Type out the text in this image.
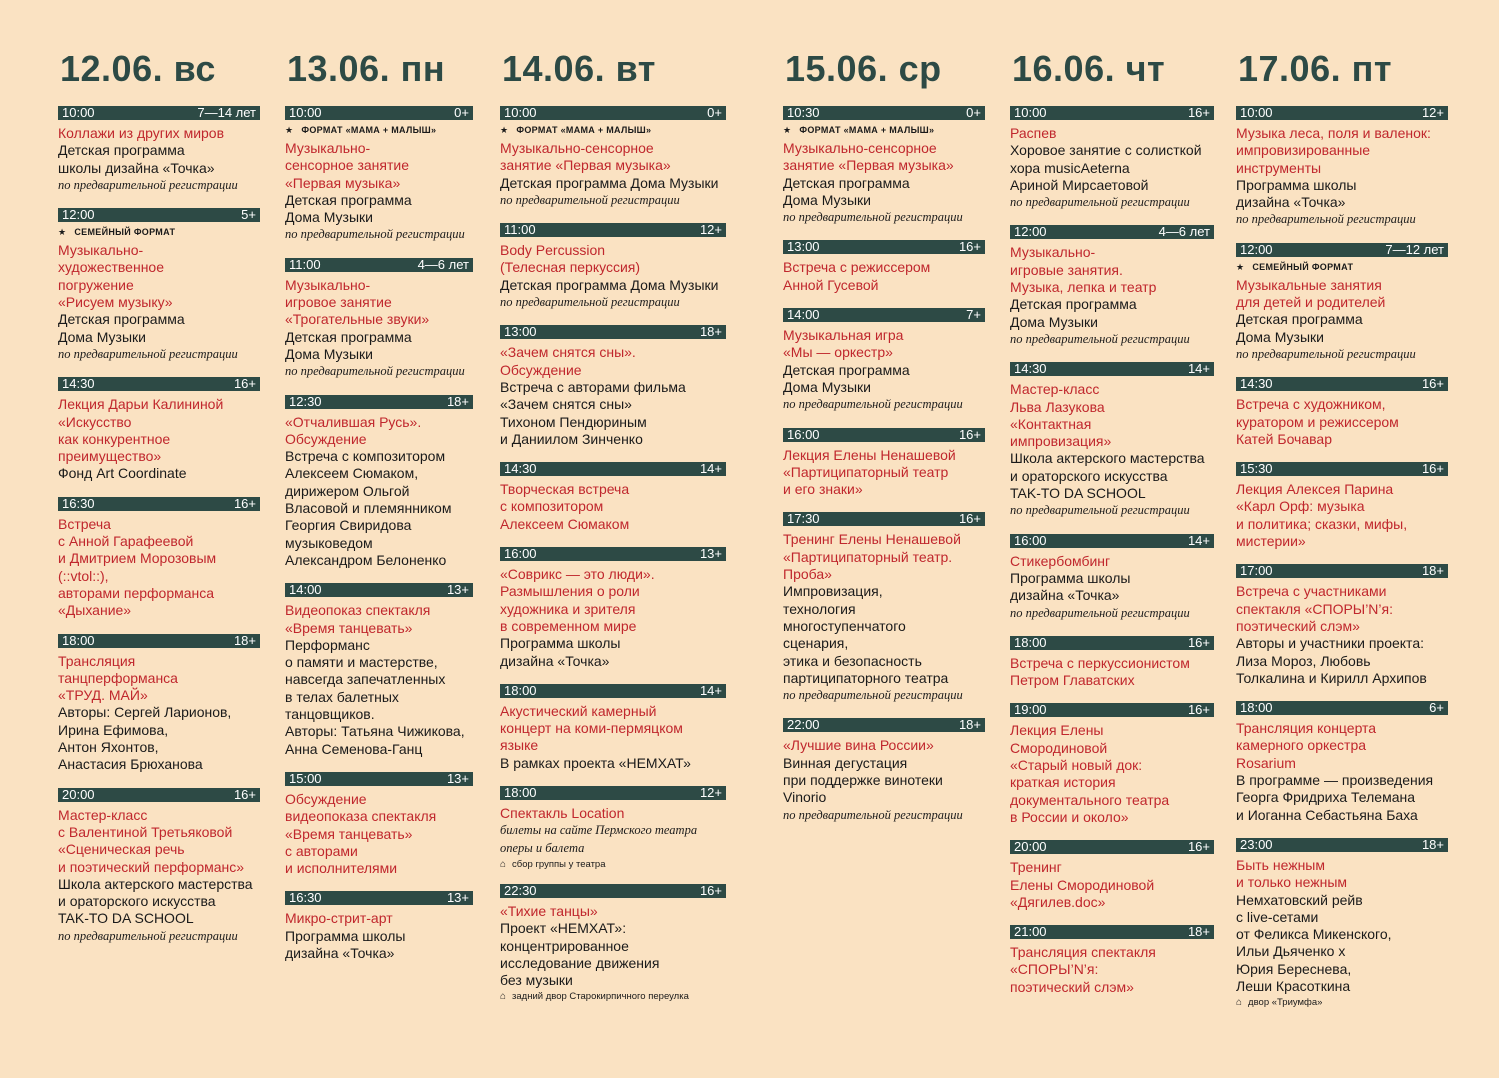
12.06. вс
10:00	7—14 лет
Коллажи из других миров
Детская программа
школы дизайна «Точка»
по предварительной регистрации
12:00	5+
★ СЕМЕЙНЫЙ ФОРМАТ
Музыкально-
художественное
погружение
«Рисуем музыку»
Детская программа
Дома Музыки
по предварительной регистрации
14:30	16+
Лекция Дарьи Калининой
«Искусство
как конкурентное
преимущество»
Фонд Art Coordinate
16:30	16+
Встреча
с Анной Гарафеевой
и Дмитрием Морозовым
(::vtol::),
авторами перформанса
«Дыхание»
18:00	18+
Трансляция
танцперформанса
«ТРУД. МАЙ»
Авторы: Сергей Ларионов,
Ирина Ефимова,
Антон Яхонтов,
Анастасия Брюханова
20:00	16+
Мастер-класс
с Валентиной Третьяковой
«Сценическая речь
и поэтический перформанс»
Школа актерского мастерства
и ораторского искусства
TAK-TO DA SCHOOL
по предварительной регистрации
13.06. пн
10:00	0+
★ ФОРМАТ «МАМА + МАЛЫШ»
Музыкально-
сенсорное занятие
«Первая музыка»
Детская программа
Дома Музыки
по предварительной регистрации
11:00	4—6 лет
Музыкально-
игровое занятие
«Трогательные звуки»
Детская программа
Дома Музыки
по предварительной регистрации
12:30	18+
«Отчалившая Русь».
Обсуждение
Встреча с композитором
Алексеем Сюмаком,
дирижером Ольгой
Власовой и племянником
Георгия Свиридова
музыковедом
Александром Белоненко
14:00	13+
Видеопоказ спектакля
«Время танцевать»
Перформанс
о памяти и мастерстве,
навсегда запечатленных
в телах балетных
танцовщиков.
Авторы: Татьяна Чижикова,
Анна Семенова-Ганц
15:00	13+
Обсуждение
видеопоказа спектакля
«Время танцевать»
с авторами
и исполнителями
16:30	13+
Микро-стрит-арт
Программа школы
дизайна «Точка»
14.06. вт
10:00	0+
★ ФОРМАТ «МАМА + МАЛЫШ»
Музыкально-сенсорное
занятие «Первая музыка»
Детская программа Дома Музыки
по предварительной регистрации
11:00	12+
Body Percussion
(Телесная перкуссия)
Детская программа Дома Музыки
по предварительной регистрации
13:00	18+
«Зачем снятся сны».
Обсуждение
Встреча с авторами фильма
«Зачем снятся сны»
Тихоном Пендюриным
и Даниилом Зинченко
14:30	14+
Творческая встреча
с композитором
Алексеем Сюмаком
16:00	13+
«Соврикс — это люди».
Размышления о роли
художника и зрителя
в современном мире
Программа школы
дизайна «Точка»
18:00	14+
Акустический камерный
концерт на коми-пермяцком
языке
В рамках проекта «НЕМХАТ»
18:00	12+
Спектакль Location
билеты на сайте Пермского театра
оперы и балета
⌂ сбор группы у театра
22:30	16+
«Тихие танцы»
Проект «НЕМХАТ»:
концентрированное
исследование движения
без музыки
⌂ задний двор Старокирпичного переулка
15.06. ср
10:30	0+
★ ФОРМАТ «МАМА + МАЛЫШ»
Музыкально-сенсорное
занятие «Первая музыка»
Детская программа
Дома Музыки
по предварительной регистрации
13:00	16+
Встреча с режиссером
Анной Гусевой
14:00	7+
Музыкальная игра
«Мы — оркестр»
Детская программа
Дома Музыки
по предварительной регистрации
16:00	16+
Лекция Елены Ненашевой
«Партиципаторный театр
и его знаки»
17:30	16+
Тренинг Елены Ненашевой
«Партиципаторный театр.
Проба»
Импровизация,
технология
многоступенчатого
сценария,
этика и безопасность
партиципаторного театра
по предварительной регистрации
22:00	18+
«Лучшие вина России»
Винная дегустация
при поддержке винотеки
Vinorio
по предварительной регистрации
16.06. чт
10:00	16+
Распев
Хоровое занятие с солисткой
хора musicAeterna
Ариной Мирсаетовой
по предварительной регистрации
12:00	4—6 лет
Музыкально-
игровые занятия.
Музыка, лепка и театр
Детская программа
Дома Музыки
по предварительной регистрации
14:30	14+
Мастер-класс
Льва Лазукова
«Контактная
импровизация»
Школа актерского мастерства
и ораторского искусства
TAK-TO DA SCHOOL
по предварительной регистрации
16:00	14+
Стикербомбинг
Программа школы
дизайна «Точка»
по предварительной регистрации
18:00	16+
Встреча с перкуссионистом
Петром Главатских
19:00	16+
Лекция Елены
Смородиновой
«Старый новый док:
краткая история
документального театра
в России и около»
20:00	16+
Тренинг
Елены Смородиновой
«Дягилев.doc»
21:00	18+
Трансляция спектакля
«СПОРЫ’N’я:
поэтический слэм»
17.06. пт
10:00	12+
Музыка леса, поля и валенок:
импровизированные
инструменты
Программа школы
дизайна «Точка»
по предварительной регистрации
12:00	7—12 лет
★ СЕМЕЙНЫЙ ФОРМАТ
Музыкальные занятия
для детей и родителей
Детская программа
Дома Музыки
по предварительной регистрации
14:30	16+
Встреча с художником,
куратором и режиссером
Катей Бочавар
15:30	16+
Лекция Алексея Парина
«Карл Орф: музыка
и политика; сказки, мифы,
мистерии»
17:00	18+
Встреча с участниками
спектакля «СПОРЫ’N’я:
поэтический слэм»
Авторы и участники проекта:
Лиза Мороз, Любовь
Толкалина и Кирилл Архипов
18:00	6+
Трансляция концерта
камерного оркестра
Rosarium
В программе — произведения
Георга Фридриха Телемана
и Иоганна Себастьяна Баха
23:00	18+
Быть нежным
и только нежным
Немхатовский рейв
с live-сетами
от Феликса Микенского,
Ильи Дьяченко х
Юрия Береснева,
Леши Красоткина
⌂ двор «Триумфа»
